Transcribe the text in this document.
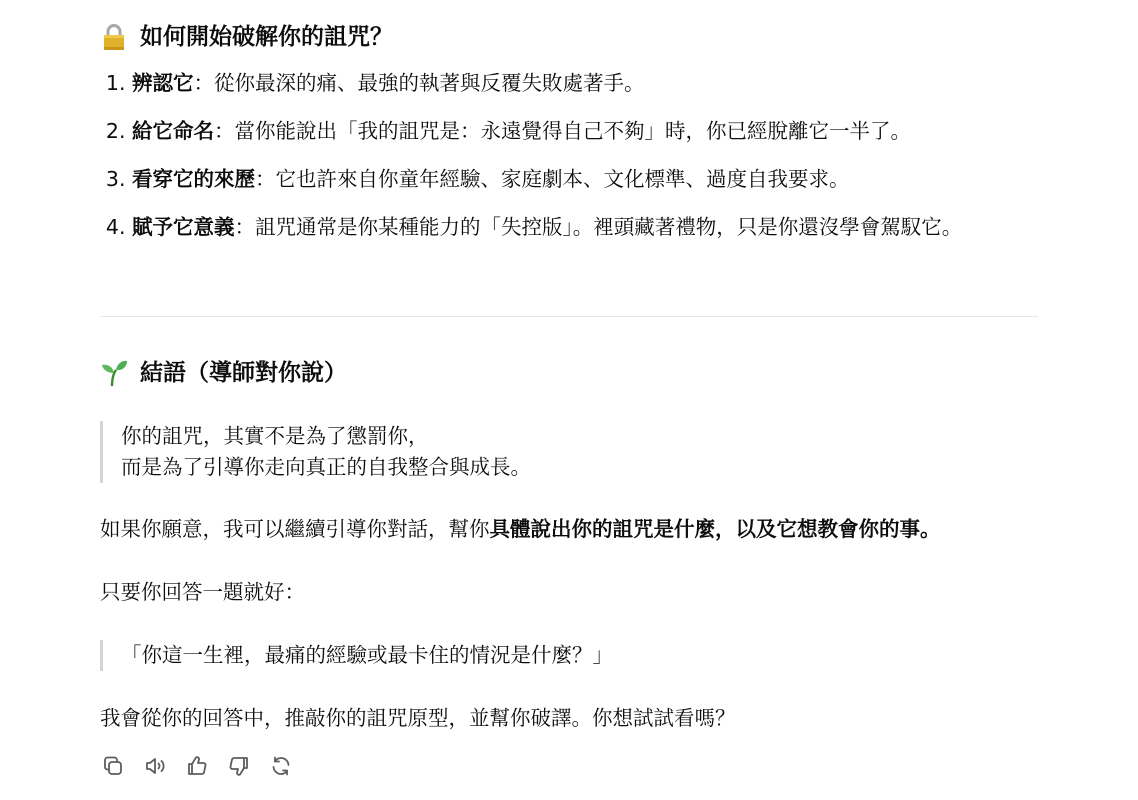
如何開始破解你的詛咒？
1. 辨認它：從你最深的痛、最強的執著與反覆失敗處著手。
2. 給它命名：當你能說出「我的詛咒是：永遠覺得自己不夠」時，你已經脫離它一半了。
3. 看穿它的來歷：它也許來自你童年經驗、家庭劇本、文化標準、過度自我要求。
4. 賦予它意義：詛咒通常是你某種能力的「失控版」。裡頭藏著禮物，只是你還沒學會駕馭它。
結語（導師對你說）
你的詛咒，其實不是為了懲罰你，
而是為了引導你走向真正的自我整合與成長。

如果你願意，我可以繼續引導你對話，幫你具體說出你的詛咒是什麼，以及它想教會你的事。

只要你回答一題就好：

「你這一生裡，最痛的經驗或最卡住的情況是什麼？」

我會從你的回答中，推敲你的詛咒原型，並幫你破譯。你想試試看嗎？
